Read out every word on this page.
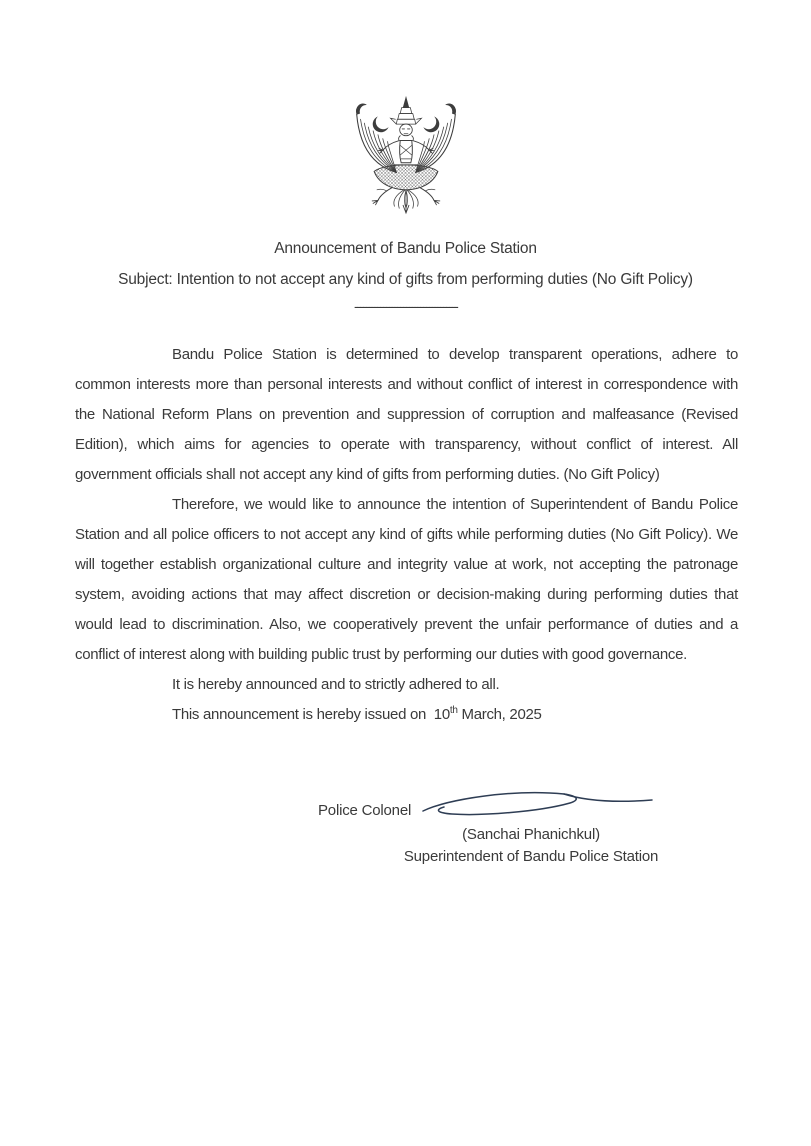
Announcement of Bandu Police Station
Subject: Intention to not accept any kind of gifts from performing duties (No Gift Policy)
------------------------------------

Bandu Police Station is determined to develop transparent operations, adhere to common interests more than personal interests and without conflict of interest in correspondence with the National Reform Plans on prevention and suppression of corruption and malfeasance (Revised Edition), which aims for agencies to operate with transparency, without conflict of interest. All government officials shall not accept any kind of gifts from performing duties. (No Gift Policy)

Therefore, we would like to announce the intention of Superintendent of Bandu Police Station and all police officers to not accept any kind of gifts while performing duties (No Gift Policy). We will together establish organizational culture and integrity value at work, not accepting the patronage system, avoiding actions that may affect discretion or decision-making during performing duties that would lead to discrimination. Also, we cooperatively prevent the unfair performance of duties and a conflict of interest along with building public trust by performing our duties with good governance.

It is hereby announced and to strictly adhered to all.

This announcement is hereby issued on  10th March, 2025

Police Colonel
(Sanchai Phanichkul)
Superintendent of Bandu Police Station
